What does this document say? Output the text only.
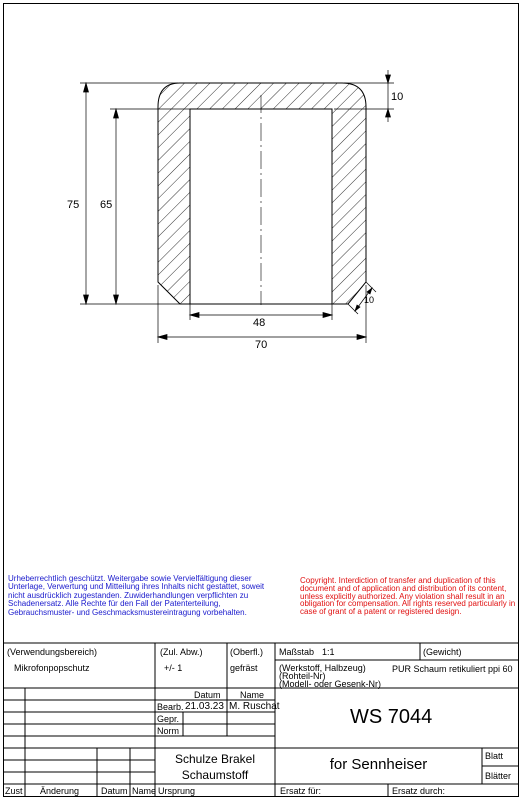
75 65
10
10
48
70
Urheberrechtlich geschützt. Weitergabe sowie Vervielfältigung dieser Unterlage, Verwertung und Mitteilung ihres Inhalts nicht gestattet, soweit nicht ausdrücklich zugestanden. Zuwiderhandlungen verpflichten zu Schadenersatz. Alle Rechte für den Fall der Patenterteilung, Gebrauchsmuster- und Geschmacksmustereintragung vorbehalten.
Copyright. Interdiction of transfer and duplication of this document and of application and distribution of its content, unless explicitly authorized. Any violation shall result in an obligation for compensation. All rights reserved particularly in case of grant of a patent or registered design.
(Verwendungsbereich)
Mikrofonpopschutz
(Zul. Abw.)
+/- 1
(Oberfl.)
gefräst
Maßstab 1:1	(Gewicht)
(Werkstoff, Halbzeug)
(Rohteil-Nr)
(Modell- oder Gesenk-Nr)
PUR Schaum retikuliert ppi 60
Datum Name
Bearb. 21.03.23 M. Ruschat
Gepr.
Norm
WS 7044
Schulze Brakel
Schaumstoff
for Sennheiser	Blatt
Blätter
Zust Änderung Datum Name Ursprung	Ersatz für:	Ersatz durch:
